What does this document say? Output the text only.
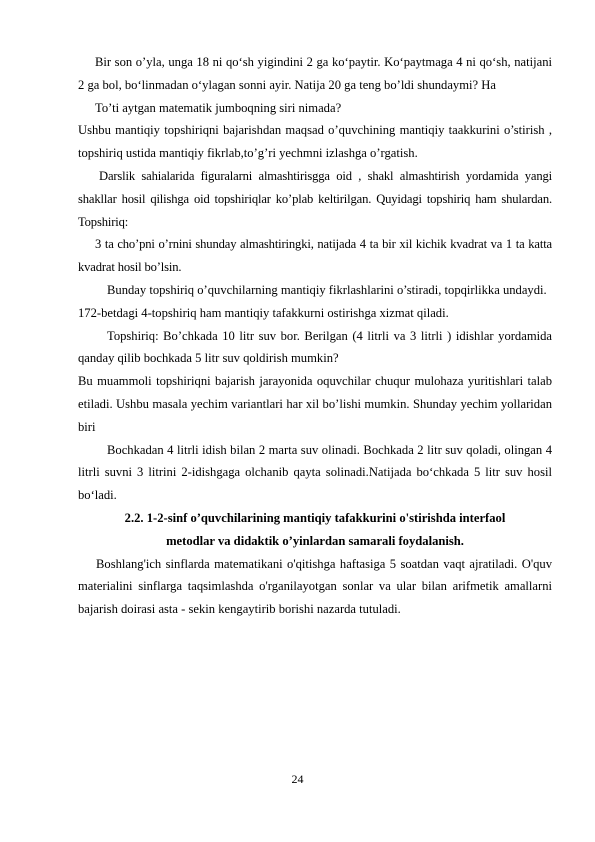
Bir son o’yla, unga 18 ni qo‘sh yigindini 2 ga ko‘paytir. Ko‘paytmaga 4 ni qo‘sh, natijani 2 ga bol, bo‘linmadan o‘ylagan sonni ayir. Natija 20 ga teng bo’ldi shundaymi? Ha

To’ti aytgan matematik jumboqning siri nimada?

Ushbu mantiqiy topshiriqni bajarishdan maqsad o’quvchining mantiqiy taakkurini o’stirish , topshiriq ustida mantiqiy fikrlab,to’g’ri yechmni izlashga o’rgatish.

Darslik sahialarida figuralarni almashtirisgga oid , shakl almashtirish yordamida yangi shakllar hosil qilishga oid topshiriqlar ko’plab keltirilgan. Quyidagi topshiriq ham shulardan. Topshiriq:

3 ta cho’pni o’rnini shunday almashtiringki, natijada 4 ta bir xil kichik kvadrat va 1 ta katta kvadrat hosil bo’lsin.

Bunday topshiriq o’quvchilarning mantiqiy fikrlashlarini o’stiradi, topqirlikka undaydi.

172-betdagi 4-topshiriq ham mantiqiy tafakkurni ostirishga xizmat qiladi.

Topshiriq: Bo’chkada 10 litr suv bor. Berilgan (4 litrli va 3 litrli ) idishlar yordamida qanday qilib bochkada 5 litr suv qoldirish mumkin?

Bu muammoli topshiriqni bajarish jarayonida oquvchilar chuqur mulohaza yuritishlari talab etiladi. Ushbu masala yechim variantlari har xil bo’lishi mumkin. Shunday yechim yollaridan biri

Bochkadan 4 litrli idish bilan 2 marta suv olinadi. Bochkada 2 litr suv qoladi, olingan 4 litrli suvni 3 litrini 2-idishgaga olchanib qayta solinadi.Natijada bo‘chkada 5 litr suv hosil bo‘ladi.

2.2. 1-2-sinf o’quvchilarining mantiqiy tafakkurini o'stirishda interfaol

metodlar va didaktik o’yinlardan samarali foydalanish.

Boshlang'ich sinflarda matematikani o'qitishga haftasiga 5 soatdan vaqt ajratiladi. O'quv materialini sinflarga taqsimlashda o'rganilayotgan sonlar va ular bilan arifmetik amallarni bajarish doirasi asta - sekin kengaytirib borishi nazarda tutuladi.

24
